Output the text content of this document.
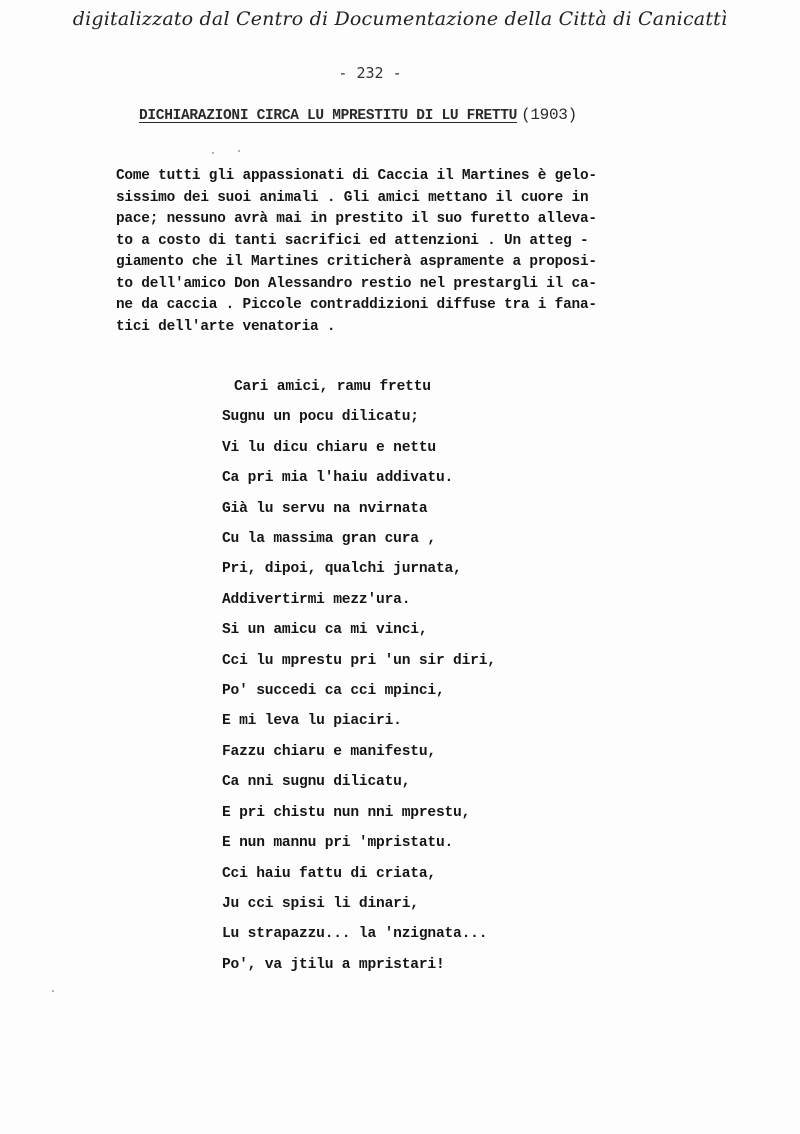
digitalizzato dal Centro di Documentazione della Città di Canicattì
- 232 -
DICHIARAZIONI CIRCA LU MPRESTITU DI LU FRETTU (1903)
Come tutti gli appassionati di Caccia il Martines è gelo-
sissimo dei suoi animali . Gli amici mettano il cuore in
pace; nessuno avrà mai in prestito il suo furetto alleva-
to a costo di tanti sacrifici ed attenzioni . Un atteg -
giamento che il Martines criticherà aspramente a proposi-
to dell'amico Don Alessandro restio nel prestargli il ca-
ne da caccia . Piccole contraddizioni diffuse tra i fana-
tici dell'arte venatoria .
Cari amici, ramu frettu
Sugnu un pocu dilicatu;
Vi lu dicu chiaru e nettu
Ca pri mia l'haiu addivatu.
Già lu servu na nvirnata
Cu la massima gran cura ,
Pri, dipoi, qualchi jurnata,
Addivertirmi mezz'ura.
Si un amicu ca mi vinci,
Cci lu mprestu pri 'un sir diri,
Po' succedi ca cci mpinci,
E mi leva lu piaciri.
Fazzu chiaru e manifestu,
Ca nni sugnu dilicatu,
E pri chistu nun nni mprestu,
E nun mannu pri 'mpristatu.
Cci haiu fattu di criata,
Ju cci spisi li dinari,
Lu strapazzu... la 'nzignata...
Po', va jtilu a mpristari!
